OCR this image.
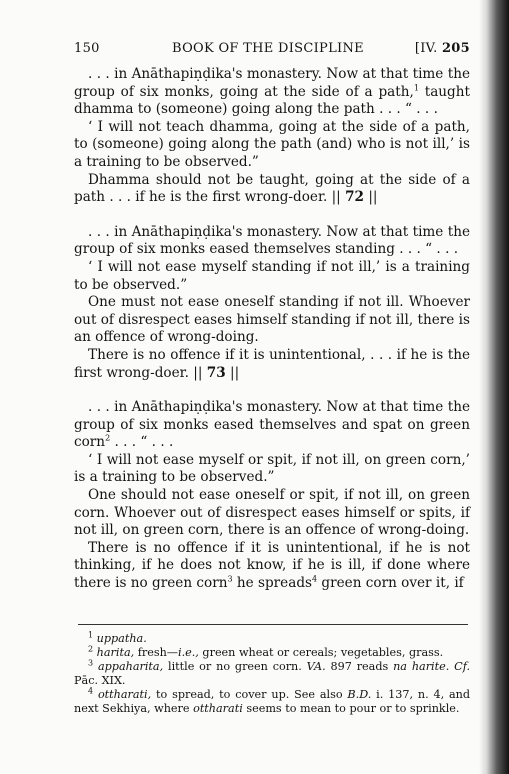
150	BOOK OF THE DISCIPLINE	[IV. 205

. . . in Anāthapiṇḍika's monastery. Now at that time the group of six monks, going at the side of a path,$^1$ taught dhamma to (someone) going along the path . . . “ . . .

‘ I will not teach dhamma, going at the side of a path, to (someone) going along the path (and) who is not ill,’ is a training to be observed.”

Dhamma should not be taught, going at the side of a path . . . if he is the first wrong-doer. || 72 ||

. . . in Anāthapiṇḍika's monastery. Now at that time the group of six monks eased themselves standing . . . “ . . .

‘ I will not ease myself standing if not ill,’ is a training to be observed.”

One must not ease oneself standing if not ill. Whoever out of disrespect eases himself standing if not ill, there is an offence of wrong-doing.

There is no offence if it is unintentional, . . . if he is the first wrong-doer. || 73 ||

. . . in Anāthapiṇḍika's monastery. Now at that time the group of six monks eased themselves and spat on green corn$^2$ . . . “ . . .

‘ I will not ease myself or spit, if not ill, on green corn,’ is a training to be observed.”

One should not ease oneself or spit, if not ill, on green corn. Whoever out of disrespect eases himself or spits, if not ill, on green corn, there is an offence of wrong-doing.

There is no offence if it is unintentional, if he is not thinking, if he does not know, if he is ill, if done where there is no green corn$^3$ he spreads$^4$ green corn over it, if

$^1$ uppatha.

$^2$ harita, fresh—i.e., green wheat or cereals; vegetables, grass.

$^3$ appaharita, little or no green corn. VA. 897 reads na harite. Cf. Pāc. XIX.

$^4$ ottharati, to spread, to cover up. See also B.D. i. 137, n. 4, and next Sekhiya, where ottharati seems to mean to pour or to sprinkle.
